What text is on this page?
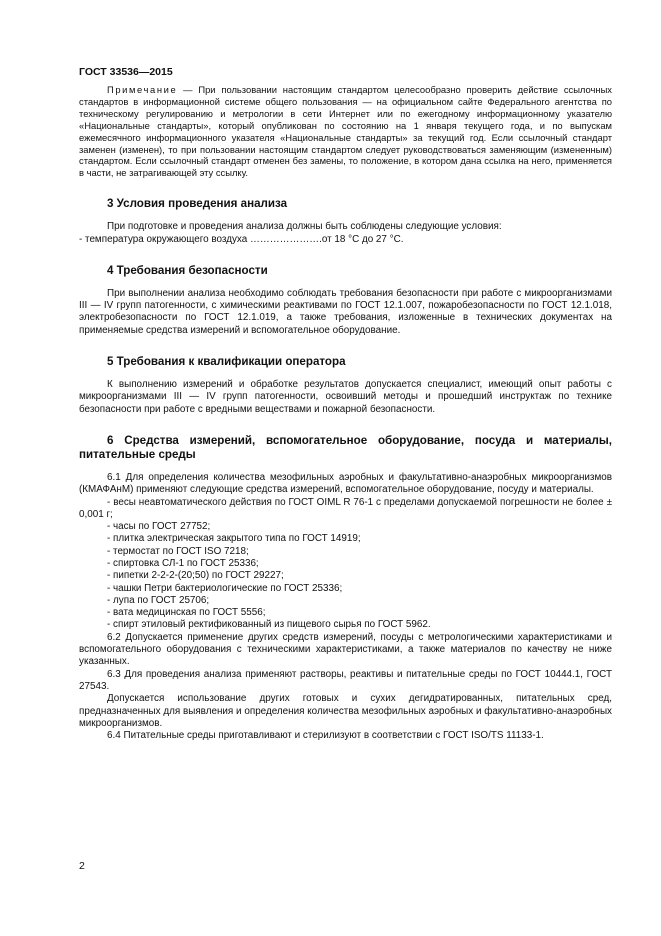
ГОСТ 33536—2015

Примечание — При пользовании настоящим стандартом целесообразно проверить действие ссылочных стандартов в информационной системе общего пользования — на официальном сайте Федерального агентства по техническому регулированию и метрологии в сети Интернет или по ежегодному информационному указателю «Национальные стандарты», который опубликован по состоянию на 1 января текущего года, и по выпускам ежемесячного информационного указателя «Национальные стандарты» за текущий год. Если ссылочный стандарт заменен (изменен), то при пользовании настоящим стандартом следует руководствоваться заменяющим (измененным) стандартом. Если ссылочный стандарт отменен без замены, то положение, в котором дана ссылка на него, применяется в части, не затрагивающей эту ссылку.

3 Условия проведения анализа

При подготовке и проведения анализа должны быть соблюдены следующие условия:

- температура окружающего воздуха ………………….от 18 °С до 27 °С.

4 Требования безопасности

При выполнении анализа необходимо соблюдать требования безопасности при работе с микроорганизмами III — IV групп патогенности, с химическими реактивами по ГОСТ 12.1.007, пожаробезопасности по ГОСТ 12.1.018, электробезопасности по ГОСТ 12.1.019, а также требования, изложенные в технических документах на применяемые средства измерений и вспомогательное оборудование.

5 Требования к квалификации оператора

К выполнению измерений и обработке результатов допускается специалист, имеющий опыт работы с микроорганизмами III — IV групп патогенности, освоивший методы и прошедший инструктаж по технике безопасности при работе с вредными веществами и пожарной безопасности.

6 Средства измерений, вспомогательное оборудование, посуда и материалы, питательные среды

6.1 Для определения количества мезофильных аэробных и факультативно-анаэробных микроорганизмов (КМАФАнМ) применяют следующие средства измерений, вспомогательное оборудование, посуду и материалы.

- весы неавтоматического действия по ГОСТ OIML R 76-1 с пределами допускаемой погрешности не более ± 0,001 г;

- часы по ГОСТ 27752;

- плитка электрическая закрытого типа по ГОСТ 14919;

- термостат по ГОСТ ISO 7218;

- спиртовка СЛ-1 по ГОСТ 25336;

- пипетки 2-2-2-(20;50) по ГОСТ 29227;

- чашки Петри бактериологические по ГОСТ 25336;

- лупа по ГОСТ 25706;

- вата медицинская по ГОСТ 5556;

- спирт этиловый ректификованный из пищевого сырья по ГОСТ 5962.

6.2 Допускается применение других средств измерений, посуды с метрологическими характеристиками и вспомогательного оборудования с техническими характеристиками, а также материалов по качеству не ниже указанных.

6.3 Для проведения анализа применяют растворы, реактивы и питательные среды по ГОСТ 10444.1, ГОСТ 27543.

Допускается использование других готовых и сухих дегидратированных, питательных сред, предназначенных для выявления и определения количества мезофильных аэробных и факультативно-анаэробных микроорганизмов.

6.4 Питательные среды приготавливают и стерилизуют в соответствии с ГОСТ ISO/TS 11133-1.

2
